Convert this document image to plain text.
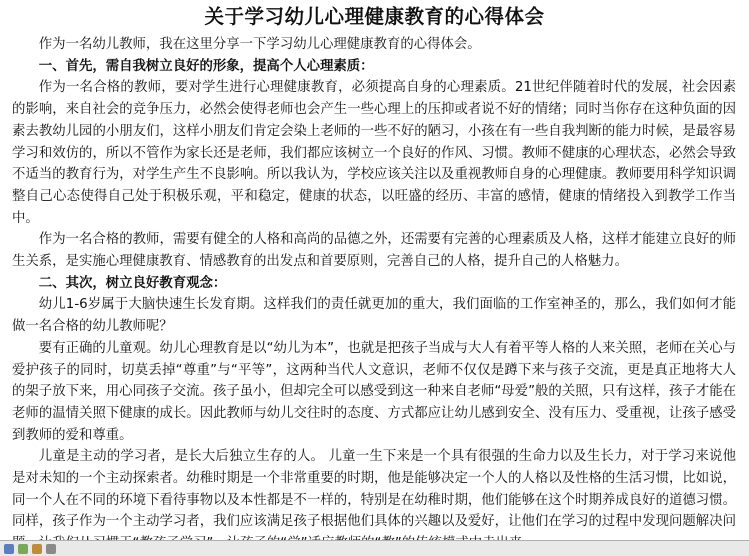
关于学习幼儿心理健康教育的心得体会

作为一名幼儿教师，我在这里分享一下学习幼儿心理健康教育的心得体会。

一、首先，需自我树立良好的形象，提高个人心理素质：

作为一名合格的教师，要对学生进行心理健康教育，必须提高自身的心理素质。21世纪伴随着时代的发展，社会因素的影响，来自社会的竞争压力，必然会使得老师也会产生一些心理上的压抑或者说不好的情绪；同时当你存在这种负面的因素去教幼儿园的小朋友们，这样小朋友们肯定会染上老师的一些不好的陋习，小孩在有一些自我判断的能力时候，是最容易学习和效仿的，所以不管作为家长还是老师，我们都应该树立一个良好的作风、习惯。教师不健康的心理状态，必然会导致不适当的教育行为，对学生产生不良影响。所以我认为，学校应该关注以及重视教师自身的心理健康。教师要用科学知识调整自己心态使得自己处于积极乐观，平和稳定，健康的状态，以旺盛的经历、丰富的感情，健康的情绪投入到教学工作当中。

作为一名合格的教师，需要有健全的人格和高尚的品德之外，还需要有完善的心理素质及人格，这样才能建立良好的师生关系，是实施心理健康教育、情感教育的出发点和首要原则，完善自己的人格，提升自己的人格魅力。

二、其次，树立良好教育观念：

幼儿1-6岁属于大脑快速生长发育期。这样我们的责任就更加的重大，我们面临的工作室神圣的，那么，我们如何才能做一名合格的幼儿教师呢？

要有正确的儿童观。幼儿心理教育是以“幼儿为本”，也就是把孩子当成与大人有着平等人格的人来关照，老师在关心与爱护孩子的同时，切莫丢掉“尊重”与“平等”，这两种当代人文意识，老师不仅仅是蹲下来与孩子交流，更是真正地将大人的架子放下来，用心同孩子交流。孩子虽小，但却完全可以感受到这一种来自老师“母爱”般的关照，只有这样，孩子才能在老师的温情关照下健康的成长。因此教师与幼儿交往时的态度、方式都应让幼儿感到安全、没有压力、受重视，让孩子感受到教师的爱和尊重。

儿童是主动的学习者，是长大后独立生存的人。 儿童一生下来是一个具有很强的生命力以及生长力，对于学习来说他是对未知的一个主动探索者。幼稚时期是一个非常重要的时期，他是能够决定一个人的人格以及性格的生活习惯，比如说，同一个人在不同的环境下看待事物以及本性都是不一样的，特别是在幼稚时期，他们能够在这个时期养成良好的道德习惯。同样，孩子作为一个主动学习者，我们应该满足孩子根据他们具体的兴趣以及爱好，让他们在学习的过程中发现问题解决问
